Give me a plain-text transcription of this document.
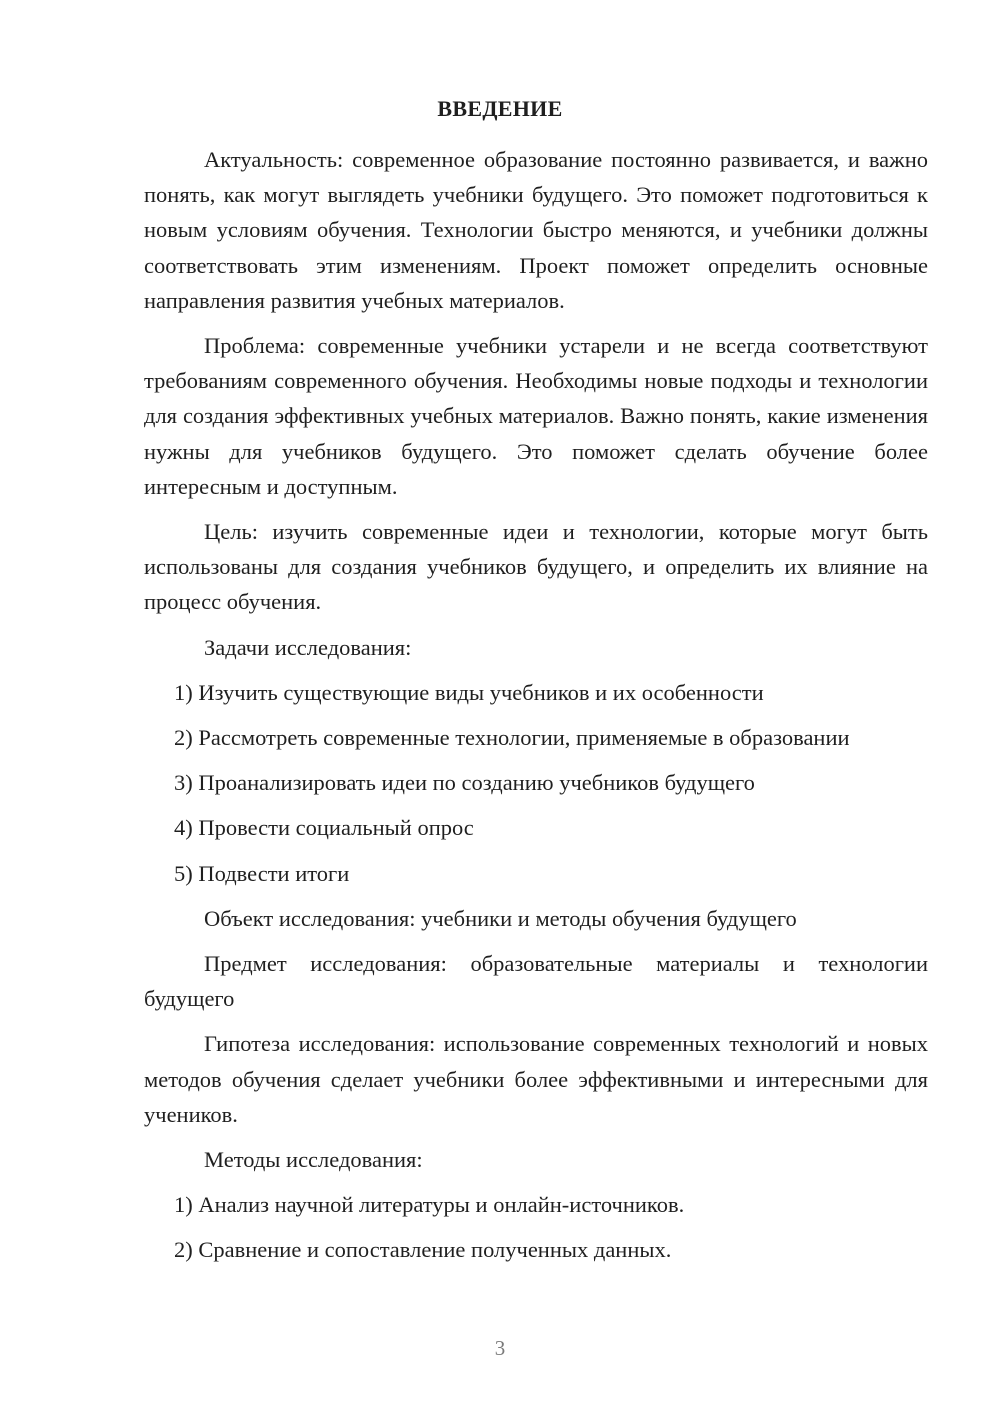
ВВЕДЕНИЕ

Актуальность: современное образование постоянно развивается, и важно понять, как могут выглядеть учебники будущего. Это поможет подготовиться к новым условиям обучения. Технологии быстро меняются, и учебники должны соответствовать этим изменениям. Проект поможет определить основные направления развития учебных материалов.

Проблема: современные учебники устарели и не всегда соответствуют требованиям современного обучения. Необходимы новые подходы и технологии для создания эффективных учебных материалов. Важно понять, какие изменения нужны для учебников будущего. Это поможет сделать обучение более интересным и доступным.

Цель: изучить современные идеи и технологии, которые могут быть использованы для создания учебников будущего, и определить их влияние на процесс обучения.

Задачи исследования:

1) Изучить существующие виды учебников и их особенности

2) Рассмотреть современные технологии, применяемые в образовании

3) Проанализировать идеи по созданию учебников будущего

4) Провести социальный опрос

5) Подвести итоги

Объект исследования: учебники и методы обучения будущего

Предмет исследования: образовательные материалы и технологии будущего

Гипотеза исследования: использование современных технологий и новых методов обучения сделает учебники более эффективными и интересными для учеников.

Методы исследования:

1) Анализ научной литературы и онлайн-источников.

2) Сравнение и сопоставление полученных данных.

3
